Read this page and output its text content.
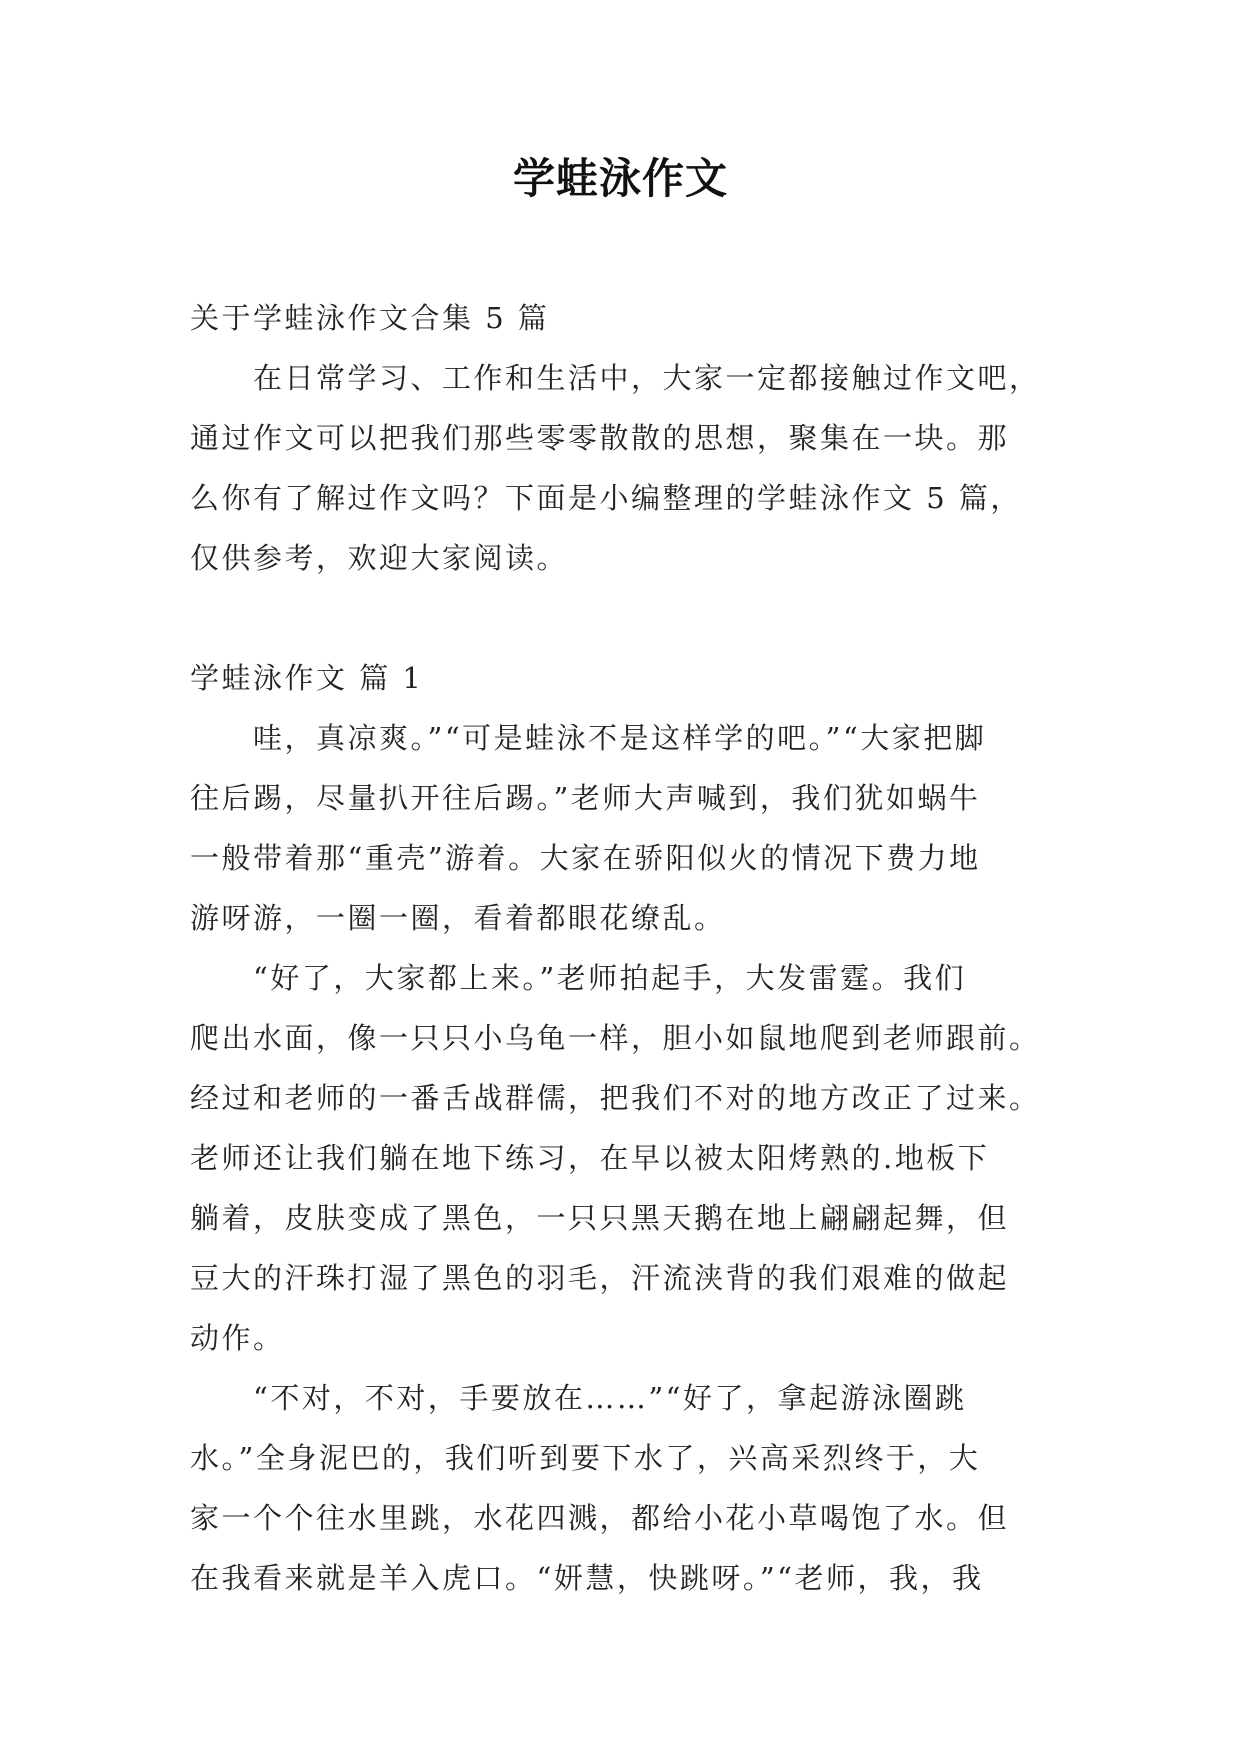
学蛙泳作文
关于学蛙泳作文合集 5 篇
　　在日常学习、工作和生活中，大家一定都接触过作文吧，
通过作文可以把我们那些零零散散的思想，聚集在一块。那
么你有了解过作文吗？下面是小编整理的学蛙泳作文 5 篇，
仅供参考，欢迎大家阅读。
学蛙泳作文 篇 1
　　哇，真凉爽。”“可是蛙泳不是这样学的吧。”“大家把脚
往后踢，尽量扒开往后踢。”老师大声喊到，我们犹如蜗牛
一般带着那“重壳”游着。大家在骄阳似火的情况下费力地
游呀游，一圈一圈，看着都眼花缭乱。
　　“好了，大家都上来。”老师拍起手，大发雷霆。我们
爬出水面，像一只只小乌龟一样，胆小如鼠地爬到老师跟前。
经过和老师的一番舌战群儒，把我们不对的地方改正了过来。
老师还让我们躺在地下练习，在早以被太阳烤熟的.地板下
躺着，皮肤变成了黑色，一只只黑天鹅在地上翩翩起舞，但
豆大的汗珠打湿了黑色的羽毛，汗流浃背的我们艰难的做起
动作。
　　“不对，不对，手要放在……”“好了，拿起游泳圈跳
水。”全身泥巴的，我们听到要下水了，兴高采烈终于，大
家一个个往水里跳，水花四溅，都给小花小草喝饱了水。但
在我看来就是羊入虎口。“妍慧，快跳呀。”“老师，我，我
